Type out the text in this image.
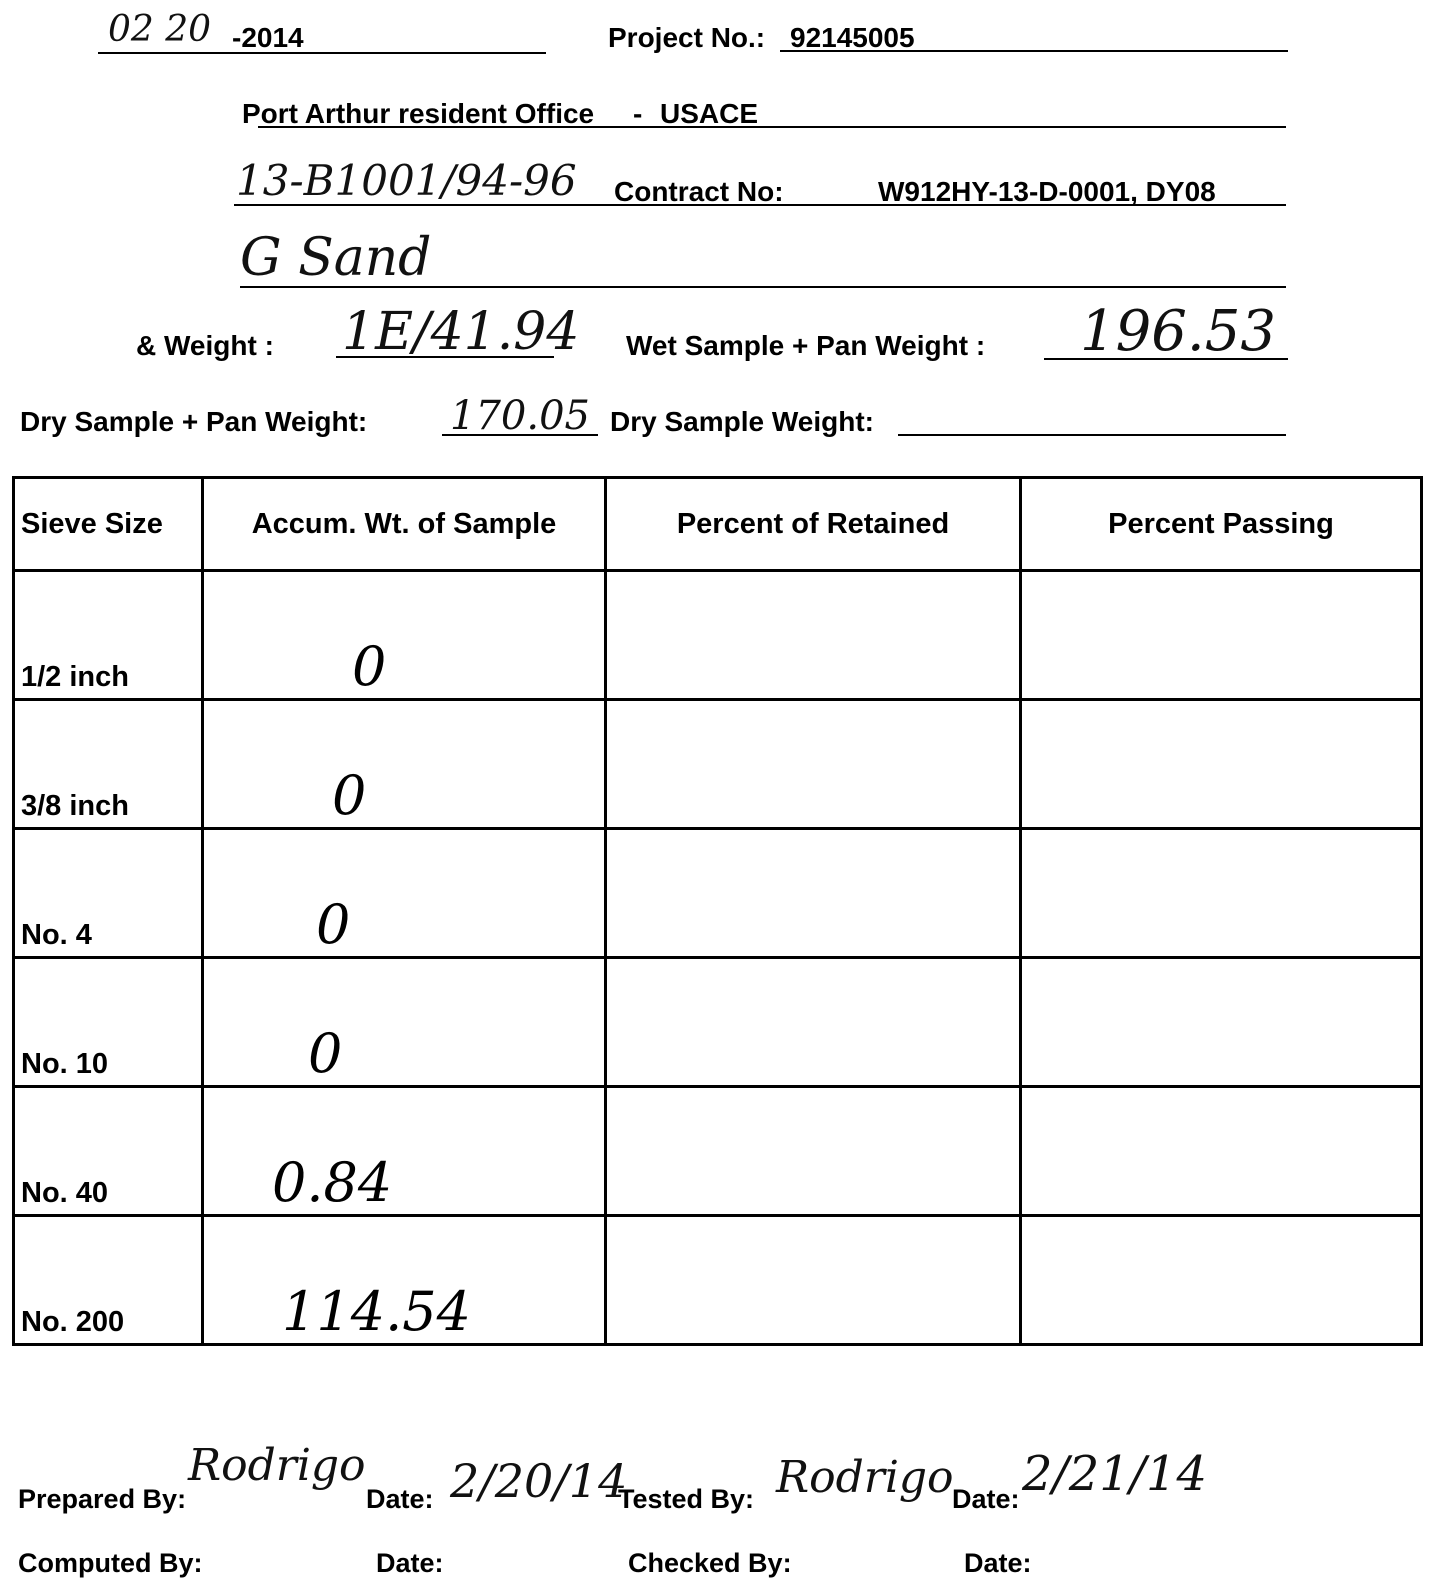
02 20 -2014	Project No.: 92145005
Port Arthur resident Office - USACE
13-B1001/94-96 Contract No:	W912HY-13-D-0001, DY08
G Sand
& Weight : 1E/41.94 Wet Sample + Pan Weight : 196.53
Dry Sample + Pan Weight: 170.05 Dry Sample Weight:
Sieve Size	Accum. Wt. of Sample	Percent of Retained	Percent Passing

1/2 inch	0		

3/8 inch	0		

No. 4	0		

No. 10	0		

No. 40	0.84		

No. 200	114.54		

Prepared By:
Rodrigo
Date: 2/20/14
Tested By: Rodrigo
Date: 2/21/14
Computed By:	Date:	Checked By:	Date:
